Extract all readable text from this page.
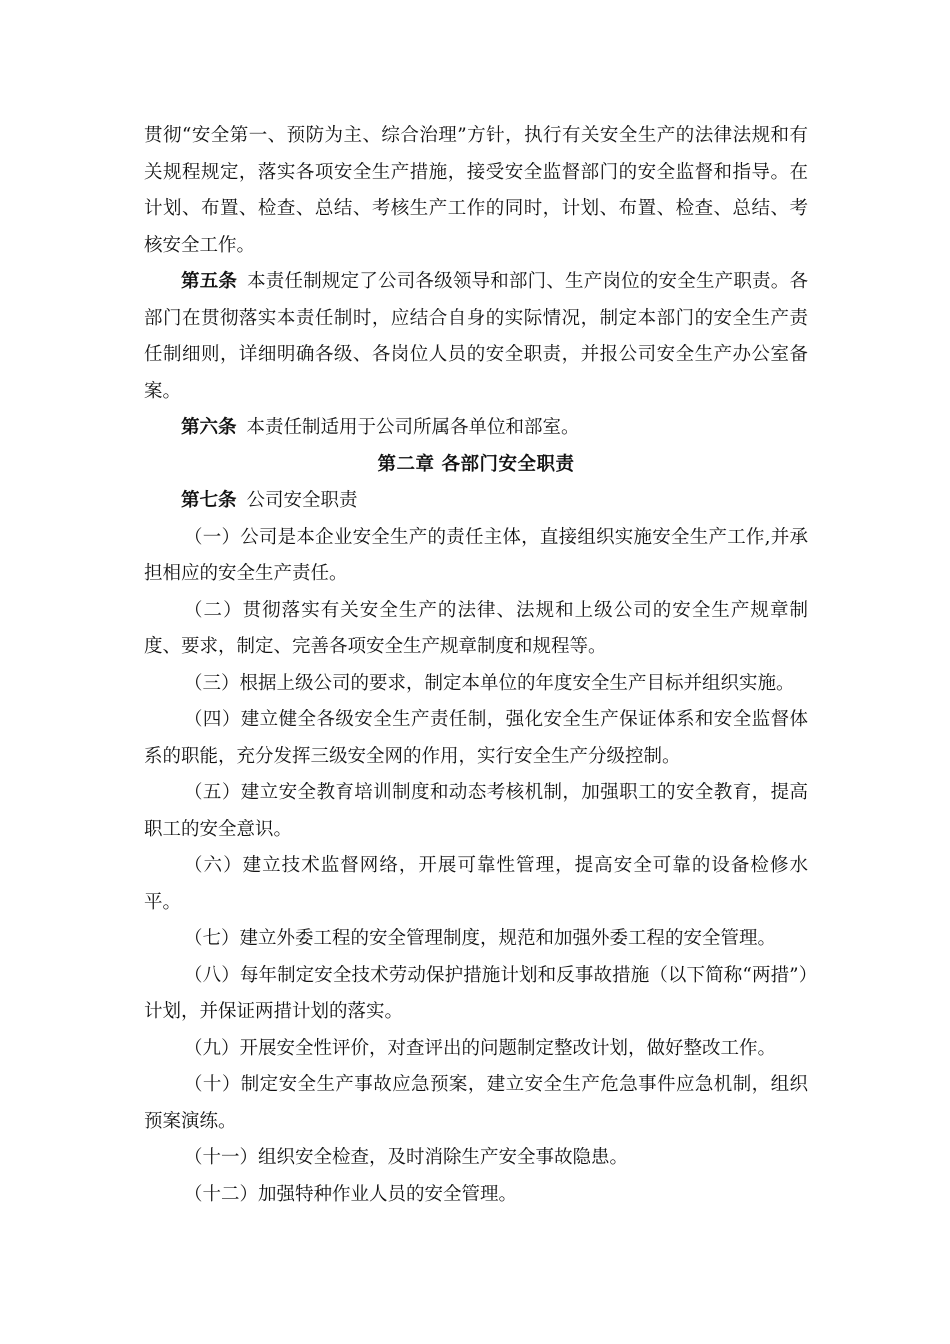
贯彻“安全第一、预防为主、综合治理”方针，执行有关安全生产的法律法规和有关规程规定，落实各项安全生产措施，接受安全监督部门的安全监督和指导。在计划、布置、检查、总结、考核生产工作的同时，计划、布置、检查、总结、考核安全工作。

第五条 本责任制规定了公司各级领导和部门、生产岗位的安全生产职责。各部门在贯彻落实本责任制时，应结合自身的实际情况，制定本部门的安全生产责任制细则，详细明确各级、各岗位人员的安全职责，并报公司安全生产办公室备案。

第六条 本责任制适用于公司所属各单位和部室。

第二章 各部门安全职责

第七条 公司安全职责

（一）公司是本企业安全生产的责任主体，直接组织实施安全生产工作,并承担相应的安全生产责任。

（二）贯彻落实有关安全生产的法律、法规和上级公司的安全生产规章制度、要求，制定、完善各项安全生产规章制度和规程等。

（三）根据上级公司的要求，制定本单位的年度安全生产目标并组织实施。

（四）建立健全各级安全生产责任制，强化安全生产保证体系和安全监督体系的职能，充分发挥三级安全网的作用，实行安全生产分级控制。

（五）建立安全教育培训制度和动态考核机制，加强职工的安全教育，提高职工的安全意识。

（六）建立技术监督网络，开展可靠性管理，提高安全可靠的设备检修水平。

（七）建立外委工程的安全管理制度，规范和加强外委工程的安全管理。

（八）每年制定安全技术劳动保护措施计划和反事故措施（以下简称“两措”）计划，并保证两措计划的落实。

（九）开展安全性评价，对查评出的问题制定整改计划，做好整改工作。

（十）制定安全生产事故应急预案，建立安全生产危急事件应急机制，组织预案演练。

（十一）组织安全检查，及时消除生产安全事故隐患。

（十二）加强特种作业人员的安全管理。
